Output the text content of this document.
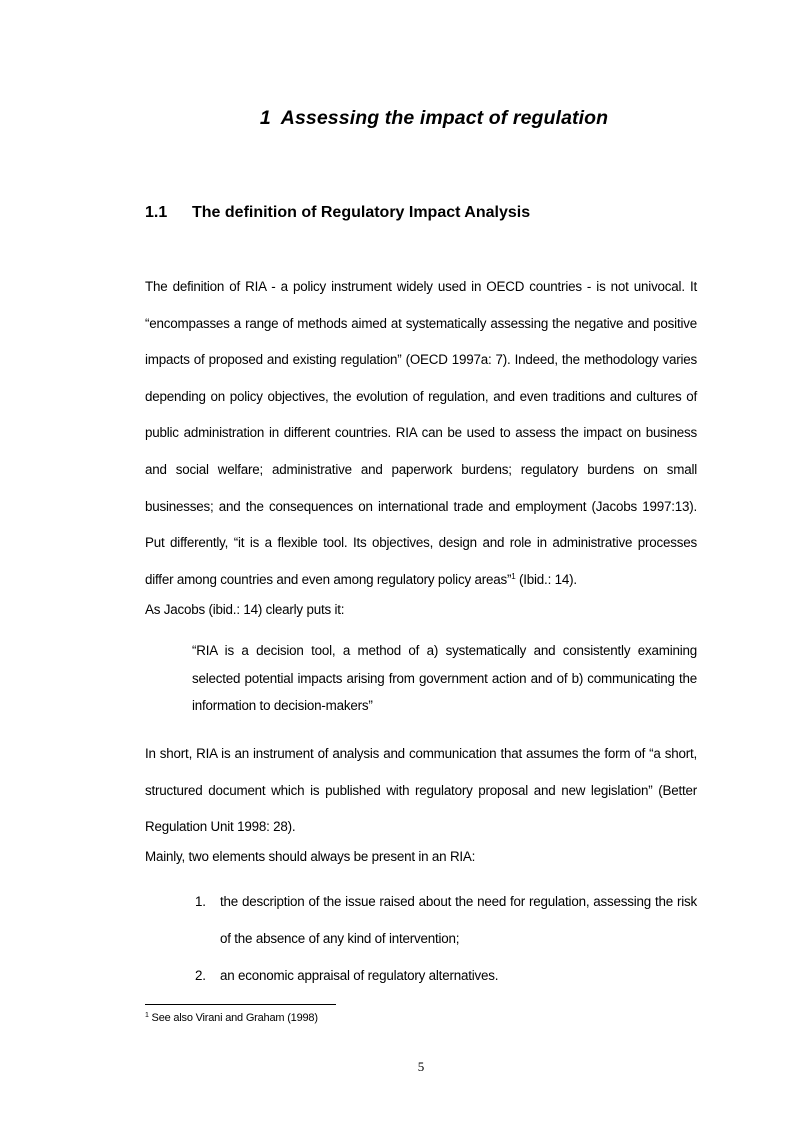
1 Assessing the impact of regulation
1.1 The definition of Regulatory Impact Analysis

The definition of RIA - a policy instrument widely used in OECD countries - is not univocal. It “encompasses a range of methods aimed at systematically assessing the negative and positive impacts of proposed and existing regulation” (OECD 1997a: 7). Indeed, the methodology varies depending on policy objectives, the evolution of regulation, and even traditions and cultures of public administration in different countries. RIA can be used to assess the impact on business and social welfare; administrative and paperwork burdens; regulatory burdens on small businesses; and the consequences on international trade and employment (Jacobs 1997:13). Put differently, “it is a flexible tool. Its objectives, design and role in administrative processes differ among countries and even among regulatory policy areas”$^1$ (Ibid.: 14).

As Jacobs (ibid.: 14) clearly puts it:

“RIA is a decision tool, a method of a) systematically and consistently examining selected potential impacts arising from government action and of b) communicating the information to decision-makers”

In short, RIA is an instrument of analysis and communication that assumes the form of “a short, structured document which is published with regulatory proposal and new legislation” (Better Regulation Unit 1998: 28).

Mainly, two elements should always be present in an RIA:

1. the description of the issue raised about the need for regulation, assessing the risk of the absence of any kind of intervention;
2. an economic appraisal of regulatory alternatives.
$^1$ See also Virani and Graham (1998)
5
